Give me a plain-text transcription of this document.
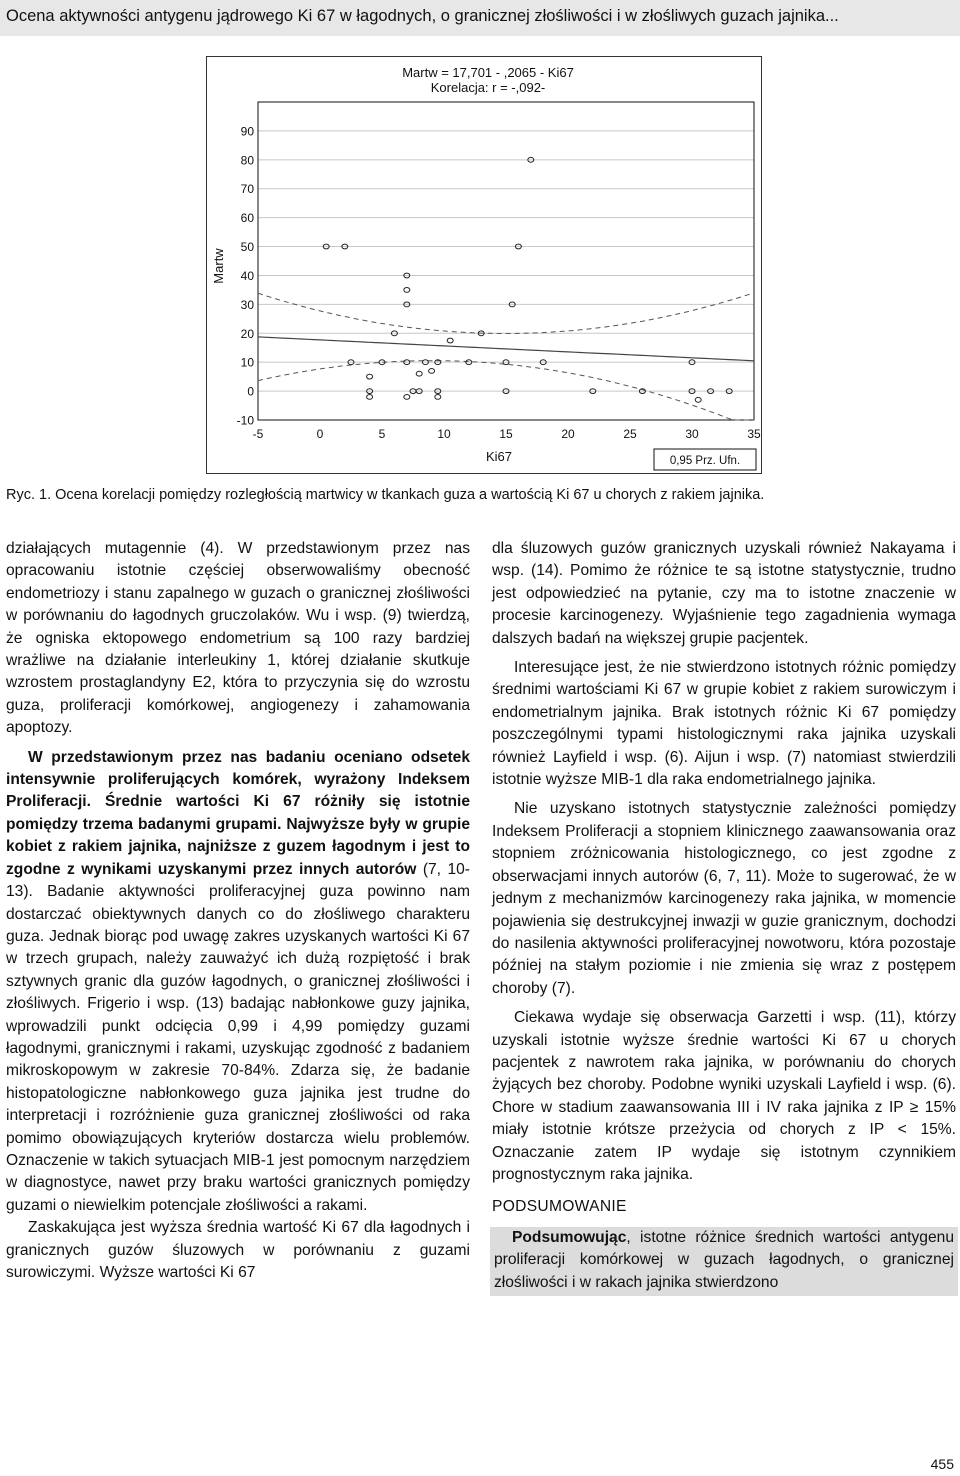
Ocena aktywności antygenu jądrowego Ki 67 w łagodnych, o granicznej złośliwości i w złośliwych guzach jajnika...
-10
0
10
20
30
40
50
60
70
80
90
-5	0	5	10	15	20	25	30	35
Martw = 17,701 - ,2065 - Ki67
Korelacja: r = -,092-
Ki67
Martw
0,95 Prz. Ufn.
Ryc. 1. Ocena korelacji pomiędzy rozległością martwicy w tkankach guza a wartością Ki 67 u chorych z rakiem jajnika.

działających mutagennie (4). W przedstawionym przez nas opracowaniu istotnie częściej obserwowaliśmy obecność endometriozy i stanu zapalnego w guzach o granicznej złośliwości w porównaniu do łagodnych gruczolaków. Wu i wsp. (9) twierdzą, że ogniska ektopowego endometrium są 100 razy bardziej wrażliwe na działanie interleukiny 1, której działanie skutkuje wzrostem prostaglandyny E2, która to przyczynia się do wzrostu guza, proliferacji komórkowej, angiogenezy i zahamowania apoptozy.

W przedstawionym przez nas badaniu oceniano odsetek intensywnie proliferujących komórek, wyrażony Indeksem Proliferacji. Średnie wartości Ki 67 różniły się istotnie pomiędzy trzema badanymi grupami. Najwyższe były w grupie kobiet z rakiem jajnika, najniższe z guzem łagodnym i jest to zgodne z wynikami uzyskanymi przez innych autorów (7, 10-13). Badanie aktywności proliferacyjnej guza powinno nam dostarczać obiektywnych danych co do złośliwego charakteru guza. Jednak biorąc pod uwagę zakres uzyskanych wartości Ki 67 w trzech grupach, należy zauważyć ich dużą rozpiętość i brak sztywnych granic dla guzów łagodnych, o granicznej złośliwości i złośliwych. Frigerio i wsp. (13) badając nabłonkowe guzy jajnika, wprowadzili punkt odcięcia 0,99 i 4,99 pomiędzy guzami łagodnymi, granicznymi i rakami, uzyskując zgodność z badaniem mikroskopowym w zakresie 70-84%. Zdarza się, że badanie histopatologiczne nabłonkowego guza jajnika jest trudne do interpretacji i rozróżnienie guza granicznej złośliwości od raka pomimo obowiązujących kryteriów dostarcza wielu problemów. Oznaczenie w takich sytuacjach MIB-1 jest pomocnym narzędziem w diagnostyce, nawet przy braku wartości granicznych pomiędzy guzami o niewielkim potencjale złośliwości a rakami.

Zaskakująca jest wyższa średnia wartość Ki 67 dla łagodnych i granicznych guzów śluzowych w porównaniu z guzami surowiczymi. Wyższe wartości Ki 67

dla śluzowych guzów granicznych uzyskali również Nakayama i wsp. (14). Pomimo że różnice te są istotne statystycznie, trudno jest odpowiedzieć na pytanie, czy ma to istotne znaczenie w procesie karcinogenezy. Wyjaśnienie tego zagadnienia wymaga dalszych badań na większej grupie pacjentek.

Interesujące jest, że nie stwierdzono istotnych różnic pomiędzy średnimi wartościami Ki 67 w grupie kobiet z rakiem surowiczym i endometrialnym jajnika. Brak istotnych różnic Ki 67 pomiędzy poszczególnymi typami histologicznymi raka jajnika uzyskali również Layfield i wsp. (6). Aijun i wsp. (7) natomiast stwierdzili istotnie wyższe MIB-1 dla raka endometrialnego jajnika.

Nie uzyskano istotnych statystycznie zależności pomiędzy Indeksem Proliferacji a stopniem klinicznego zaawansowania oraz stopniem zróżnicowania histologicznego, co jest zgodne z obserwacjami innych autorów (6, 7, 11). Może to sugerować, że w jednym z mechanizmów karcinogenezy raka jajnika, w momencie pojawienia się destrukcyjnej inwazji w guzie granicznym, dochodzi do nasilenia aktywności proliferacyjnej nowotworu, która pozostaje później na stałym poziomie i nie zmienia się wraz z postępem choroby (7).

Ciekawa wydaje się obserwacja Garzetti i wsp. (11), którzy uzyskali istotnie wyższe średnie wartości Ki 67 u chorych pacjentek z nawrotem raka jajnika, w porównaniu do chorych żyjących bez choroby. Podobne wyniki uzyskali Layfield i wsp. (6). Chore w stadium zaawansowania III i IV raka jajnika z IP ≥ 15% miały istotnie krótsze przeżycia od chorych z IP < 15%. Oznaczanie zatem IP wydaje się istotnym czynnikiem prognostycznym raka jajnika.

PODSUMOWANIE

Podsumowując, istotne różnice średnich wartości antygenu proliferacji komórkowej w guzach łagodnych, o granicznej złośliwości i w rakach jajnika stwierdzono

455
